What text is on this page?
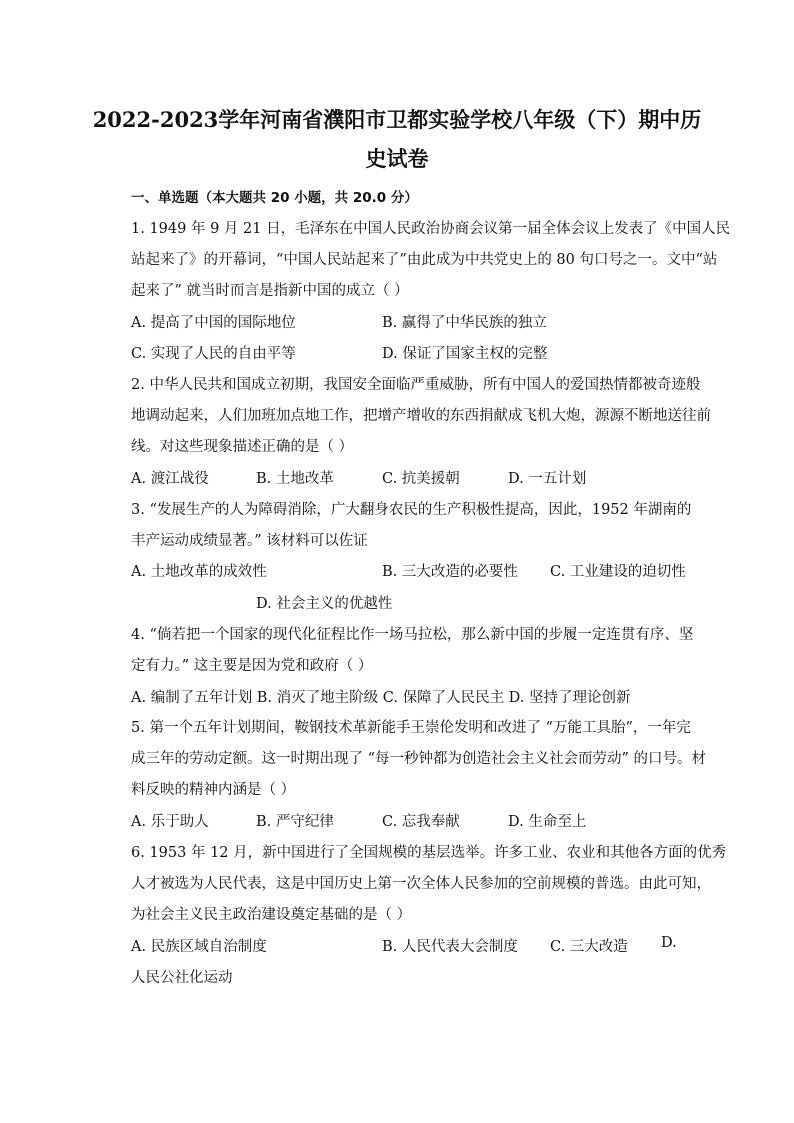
2022-2023学年河南省濮阳市卫都实验学校八年级（下）期中历
史试卷
一、单选题（本大题共 20 小题，共 20.0 分）
1. 1949 年 9 月 21 日，毛泽东在中国人民政治协商会议第一届全体会议上发表了《中国人民
站起来了》的开幕词，“中国人民站起来了”由此成为中共党史上的 80 句口号之一。文中“站
起来了” 就当时而言是指新中国的成立（ ）
A. 提高了中国的国际地位	B. 赢得了中华民族的独立
C. 实现了人民的自由平等	D. 保证了国家主权的完整
2. 中华人民共和国成立初期，我国安全面临严重威胁，所有中国人的爱国热情都被奇迹般
地调动起来，人们加班加点地工作，把增产增收的东西捐献成飞机大炮，源源不断地送往前
线。对这些现象描述正确的是（ ）
A. 渡江战役	B. 土地改革	C. 抗美援朝	D. 一五计划
3. “发展生产的人为障碍消除，广大翻身农民的生产积极性提高，因此，1952 年湖南的
丰产运动成绩显著。” 该材料可以佐证
A. 土地改革的成效性	B. 三大改造的必要性 C. 工业建设的迫切性
D. 社会主义的优越性
4. “倘若把一个国家的现代化征程比作一场马拉松，那么新中国的步履一定连贯有序、坚
定有力。” 这主要是因为党和政府（ ）
A. 编制了五年计划 B. 消灭了地主阶级 C. 保障了人民民主 D. 坚持了理论创新
5. 第一个五年计划期间，鞍钢技术革新能手王崇伦发明和改进了 “万能工具胎”，一年完
成三年的劳动定额。这一时期出现了 “每一秒钟都为创造社会主义社会而劳动” 的口号。材
料反映的精神内涵是（ ）
A. 乐于助人	B. 严守纪律	C. 忘我奉献	D. 生命至上
6. 1953 年 12 月，新中国进行了全国规模的基层选举。许多工业、农业和其他各方面的优秀
人才被选为人民代表，这是中国历史上第一次全体人民参加的空前规模的普选。由此可知，
为社会主义民主政治建设奠定基础的是（ ）
A. 民族区域自治制度	B. 人民代表大会制度 C. 三大改造 D.
人民公社化运动
